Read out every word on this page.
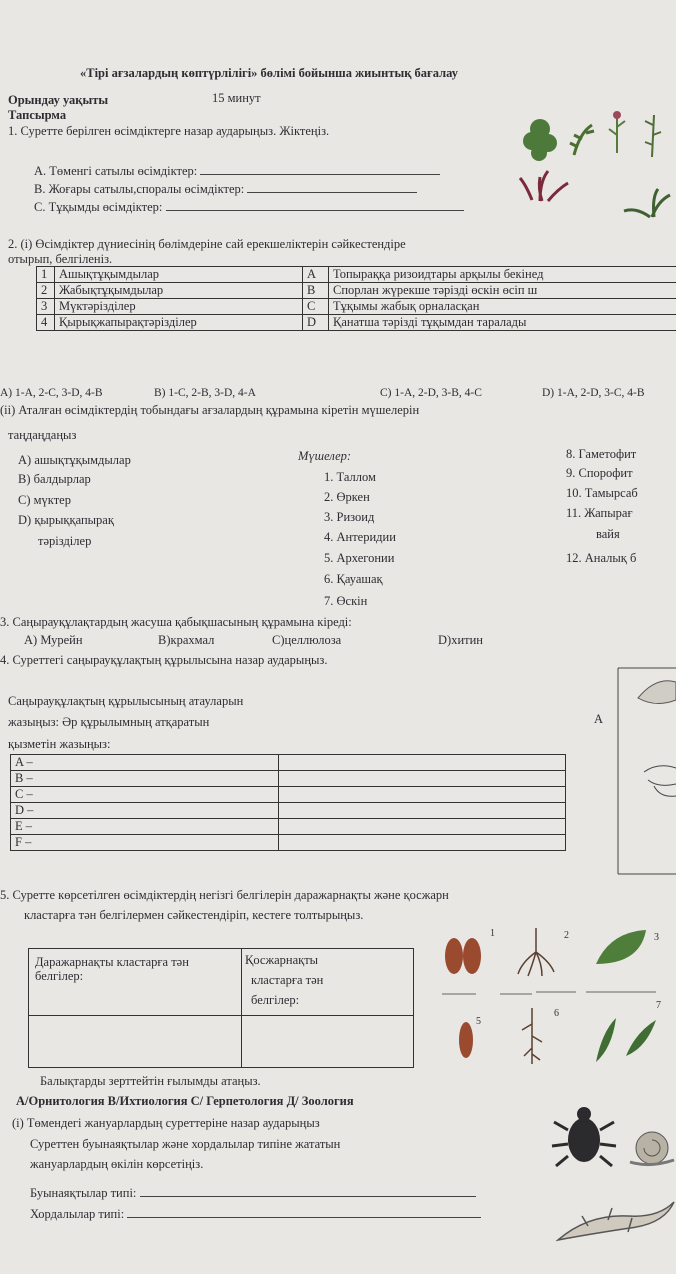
«Тірі ағзалардың көптүрлілігі» бөлімі бойынша жиынтық бағалау
Орындау уақыты	15 минут
Тапсырма
1. Суретте берілген өсімдіктерге назар аударыңыз. Жіктеңіз.
A. Төменгі сатылы өсімдіктер:
B. Жоғары сатылы,споралы өсімдіктер:
C. Тұқымды өсімдіктер:
2. (i) Өсімдіктер дүниесінің бөлімдеріне сай ерекшеліктерін сәйкестендіре
отырып, белгіленіз.
1	Ашықтұқымдылар	A	Топыраққа ризоидтары арқылы бекінед
2	Жабықтұқымдылар	B	Спорлан жүрекше тәрізді өскін өсіп ш
3	Мүктәрізділер	C	Тұқымы жабық орналасқан
4	Қырықжапырақтәрізділер	D	Қанатша тәрізді тұқымдан таралады
A) 1-A, 2-C, 3-D, 4-B	B) 1-C, 2-B, 3-D, 4-A	C) 1-A, 2-D, 3-B, 4-C	D) 1-A, 2-D, 3-C, 4-B
(ii) Аталған өсімдіктердің тобындағы ағзалардың құрамына кіретін мүшелерін
таңдаңдаңыз
A) ашықтұқымдылар
B) балдырлар
C) мүктер
D) қырыққапырақ
тәрізділер
Мүшелер:
1. Таллом
2. Өркен
3. Ризоид
4. Антеридии
5. Архегонии
6. Қауашақ
7. Өскін
8. Гаметофит
9. Спорофит
10. Тамырсаб
11. Жапырағ
вайя
12. Аналық б
3. Саңырауқұлақтардың жасуша қабықшасының құрамына кіреді:
A) Мурейн	B)крахмал	C)целлюлоза	D)хитин
4. Суреттегі саңырауқұлақтың құрылысына назар аударыңыз.
Саңырауқұлақтың құрылысының атауларын
жазыңыз: Әр құрылымның атқаратын
қызметін жазыңыз:
A –	
B –	
C –	
D –	
E –	
F –	
A
5. Суретте көрсетілген өсімдіктердің негізгі белгілерін даражарнақты және қосжарн
кластарға тән белгілермен сәйкестендіріп, кестеге толтырыңыз.
Даражарнақты кластарға тән белгілер:
Қосжарнақты
кластарға тән
белгілер:
1	2	3
5
6
7
Балықтарды зерттейтін ғылымды атаңыз.
A/Орнитология B/Ихтиология C/ Герпетология Д/ Зоология
(i) Төмендегі жануарлардың суреттеріне назар аударыңыз
Суреттен буынаяқтылар және хордалылар типіне жататын
жануарлардың өкілін көрсетіңіз.
Буынаяқтылар типі:
Хордалылар типі:
